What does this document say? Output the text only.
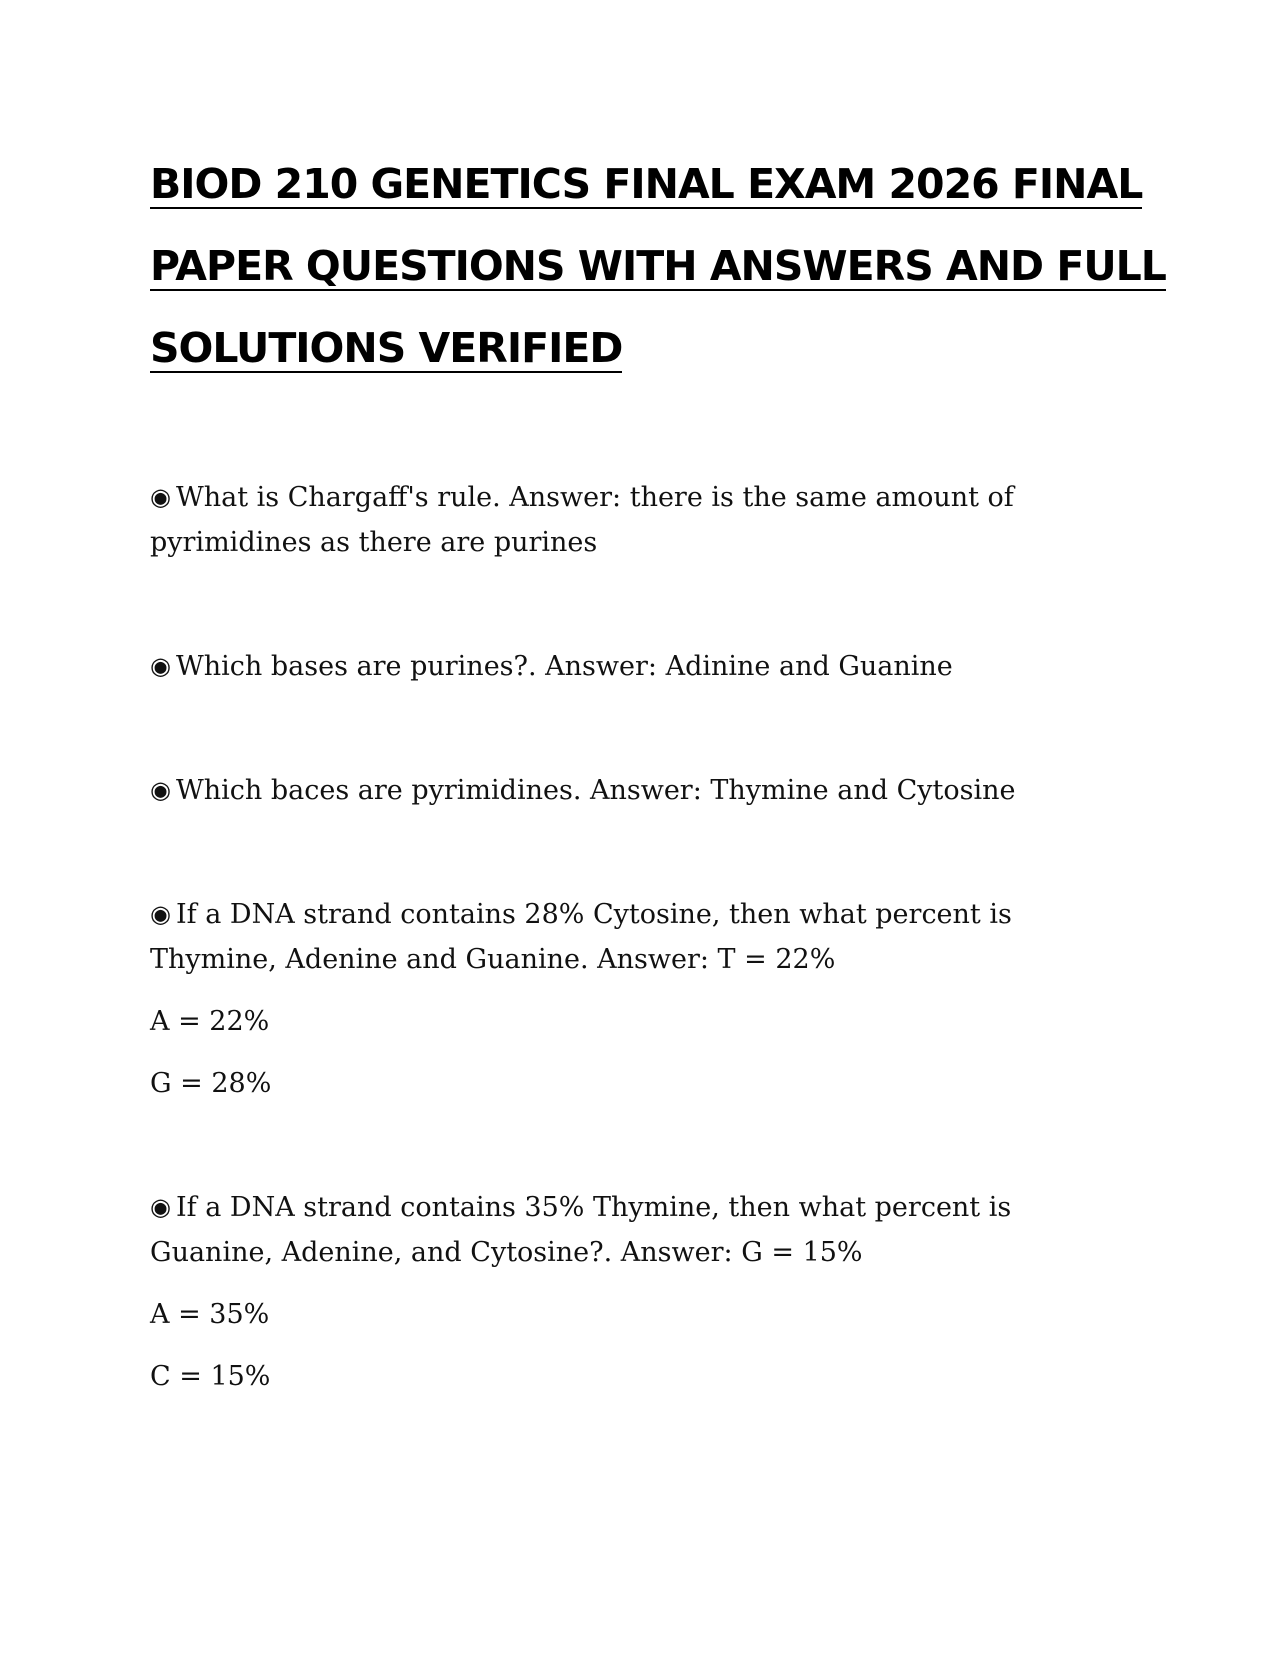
BIOD 210 GENETICS FINAL EXAM 2026 FINAL
PAPER QUESTIONS WITH ANSWERS AND FULL
SOLUTIONS VERIFIED

◉ What is Chargaff's rule. Answer: there is the same amount of pyrimidines as there are purines

◉ Which bases are purines?. Answer: Adinine and Guanine

◉ Which baces are pyrimidines. Answer: Thymine and Cytosine

◉ If a DNA strand contains 28% Cytosine, then what percent is Thymine, Adenine and Guanine. Answer: T = 22%

A = 22%

G = 28%

◉ If a DNA strand contains 35% Thymine, then what percent is Guanine, Adenine, and Cytosine?. Answer: G = 15%

A = 35%

C = 15%
